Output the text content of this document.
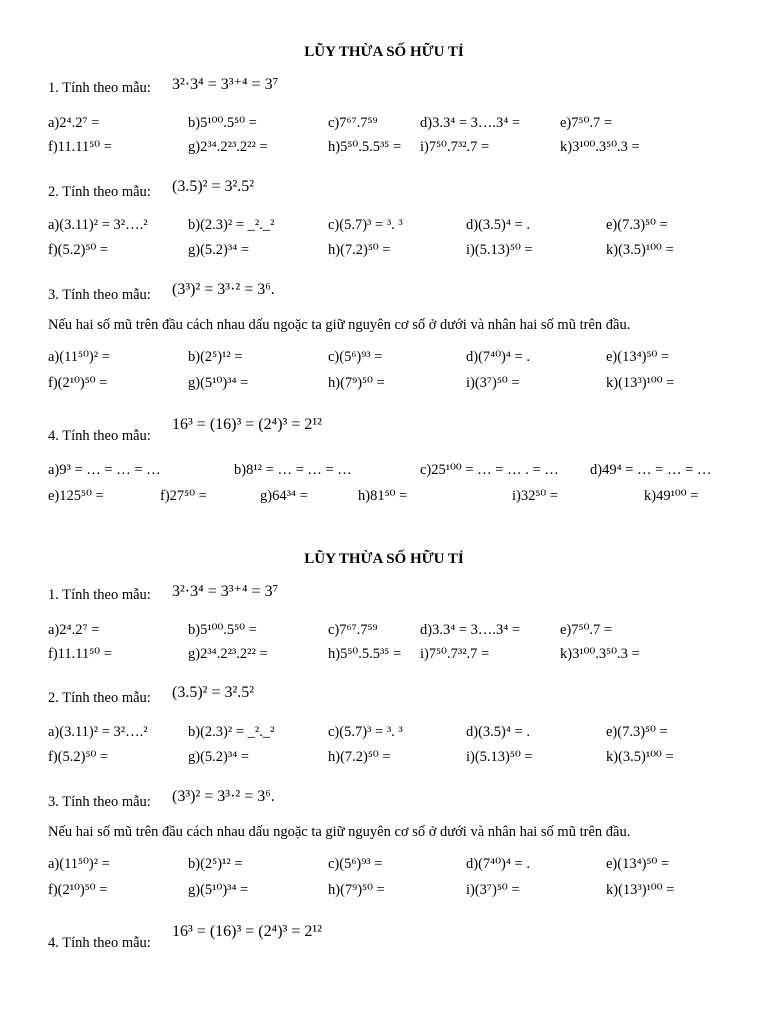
LŨY THỪA SỐ HỮU TỈ
1. Tính theo mẫu: 3²·3⁴ = 3³⁺⁴ = 3⁷
a)2⁴.2⁷ =	b)5¹⁰⁰.5⁵⁰ =	c)7⁶⁷.7⁵⁹	d)3.3⁴ = 3….3⁴ =	e)7⁵⁰.7 =
f)11.11⁵⁰ =	g)2³⁴.2²³.2²² =	h)5⁵⁰.5.5³⁵ = i)7⁵⁰.7³².7 =	k)3¹⁰⁰.3⁵⁰.3 =
2. Tính theo mẫu: (3.5)² = 3².5²
a)(3.11)² = 3²….²	b)(2.3)² = _²._²	c)(5.7)³ = ³. ³	d)(3.5)⁴ = .	e)(7.3)⁵⁰ =
f)(5.2)⁵⁰ =	g)(5.2)³⁴ =	h)(7.2)⁵⁰ =	i)(5.13)⁵⁰ =	k)(3.5)¹⁰⁰ =
3. Tính theo mẫu: (3³)² = 3³·² = 3⁶.
Nếu hai số mũ trên đầu cách nhau dấu ngoặc ta giữ nguyên cơ số ở dưới và nhân hai số mũ trên đầu.
a)(11⁵⁰)² =	b)(2⁵)¹² =	c)(5⁶)⁹³ =	d)(7⁴⁰)⁴ = .	e)(13⁴)⁵⁰ =
f)(2¹⁰)⁵⁰ =	g)(5¹⁰)³⁴ =	h)(7⁹)⁵⁰ =	i)(3⁷)⁵⁰ =	k)(13³)¹⁰⁰ =
4. Tính theo mẫu:
16³ = (16)³ = (2⁴)³ = 2¹²
a)9³ = … = … = …	b)8¹² = … = … = …	c)25¹⁰⁰ = … = … . = … d)49⁴ = … = … = …
e)125⁵⁰ =	f)27⁵⁰ =	g)64³⁴ =	h)81⁵⁰ =	i)32⁵⁰ =	k)49¹⁰⁰ =
LŨY THỪA SỐ HỮU TỈ
1. Tính theo mẫu: 3²·3⁴ = 3³⁺⁴ = 3⁷
a)2⁴.2⁷ =	b)5¹⁰⁰.5⁵⁰ =	c)7⁶⁷.7⁵⁹	d)3.3⁴ = 3….3⁴ =	e)7⁵⁰.7 =
f)11.11⁵⁰ =	g)2³⁴.2²³.2²² =	h)5⁵⁰.5.5³⁵ = i)7⁵⁰.7³².7 =	k)3¹⁰⁰.3⁵⁰.3 =
2. Tính theo mẫu: (3.5)² = 3².5²
a)(3.11)² = 3²….²	b)(2.3)² = _²._²	c)(5.7)³ = ³. ³	d)(3.5)⁴ = .	e)(7.3)⁵⁰ =
f)(5.2)⁵⁰ =	g)(5.2)³⁴ =	h)(7.2)⁵⁰ =	i)(5.13)⁵⁰ =	k)(3.5)¹⁰⁰ =
3. Tính theo mẫu: (3³)² = 3³·² = 3⁶.
Nếu hai số mũ trên đầu cách nhau dấu ngoặc ta giữ nguyên cơ số ở dưới và nhân hai số mũ trên đầu.
a)(11⁵⁰)² =	b)(2⁵)¹² =	c)(5⁶)⁹³ =	d)(7⁴⁰)⁴ = .	e)(13⁴)⁵⁰ =
f)(2¹⁰)⁵⁰ =	g)(5¹⁰)³⁴ =	h)(7⁹)⁵⁰ =	i)(3⁷)⁵⁰ =	k)(13³)¹⁰⁰ =
4. Tính theo mẫu:
16³ = (16)³ = (2⁴)³ = 2¹²
